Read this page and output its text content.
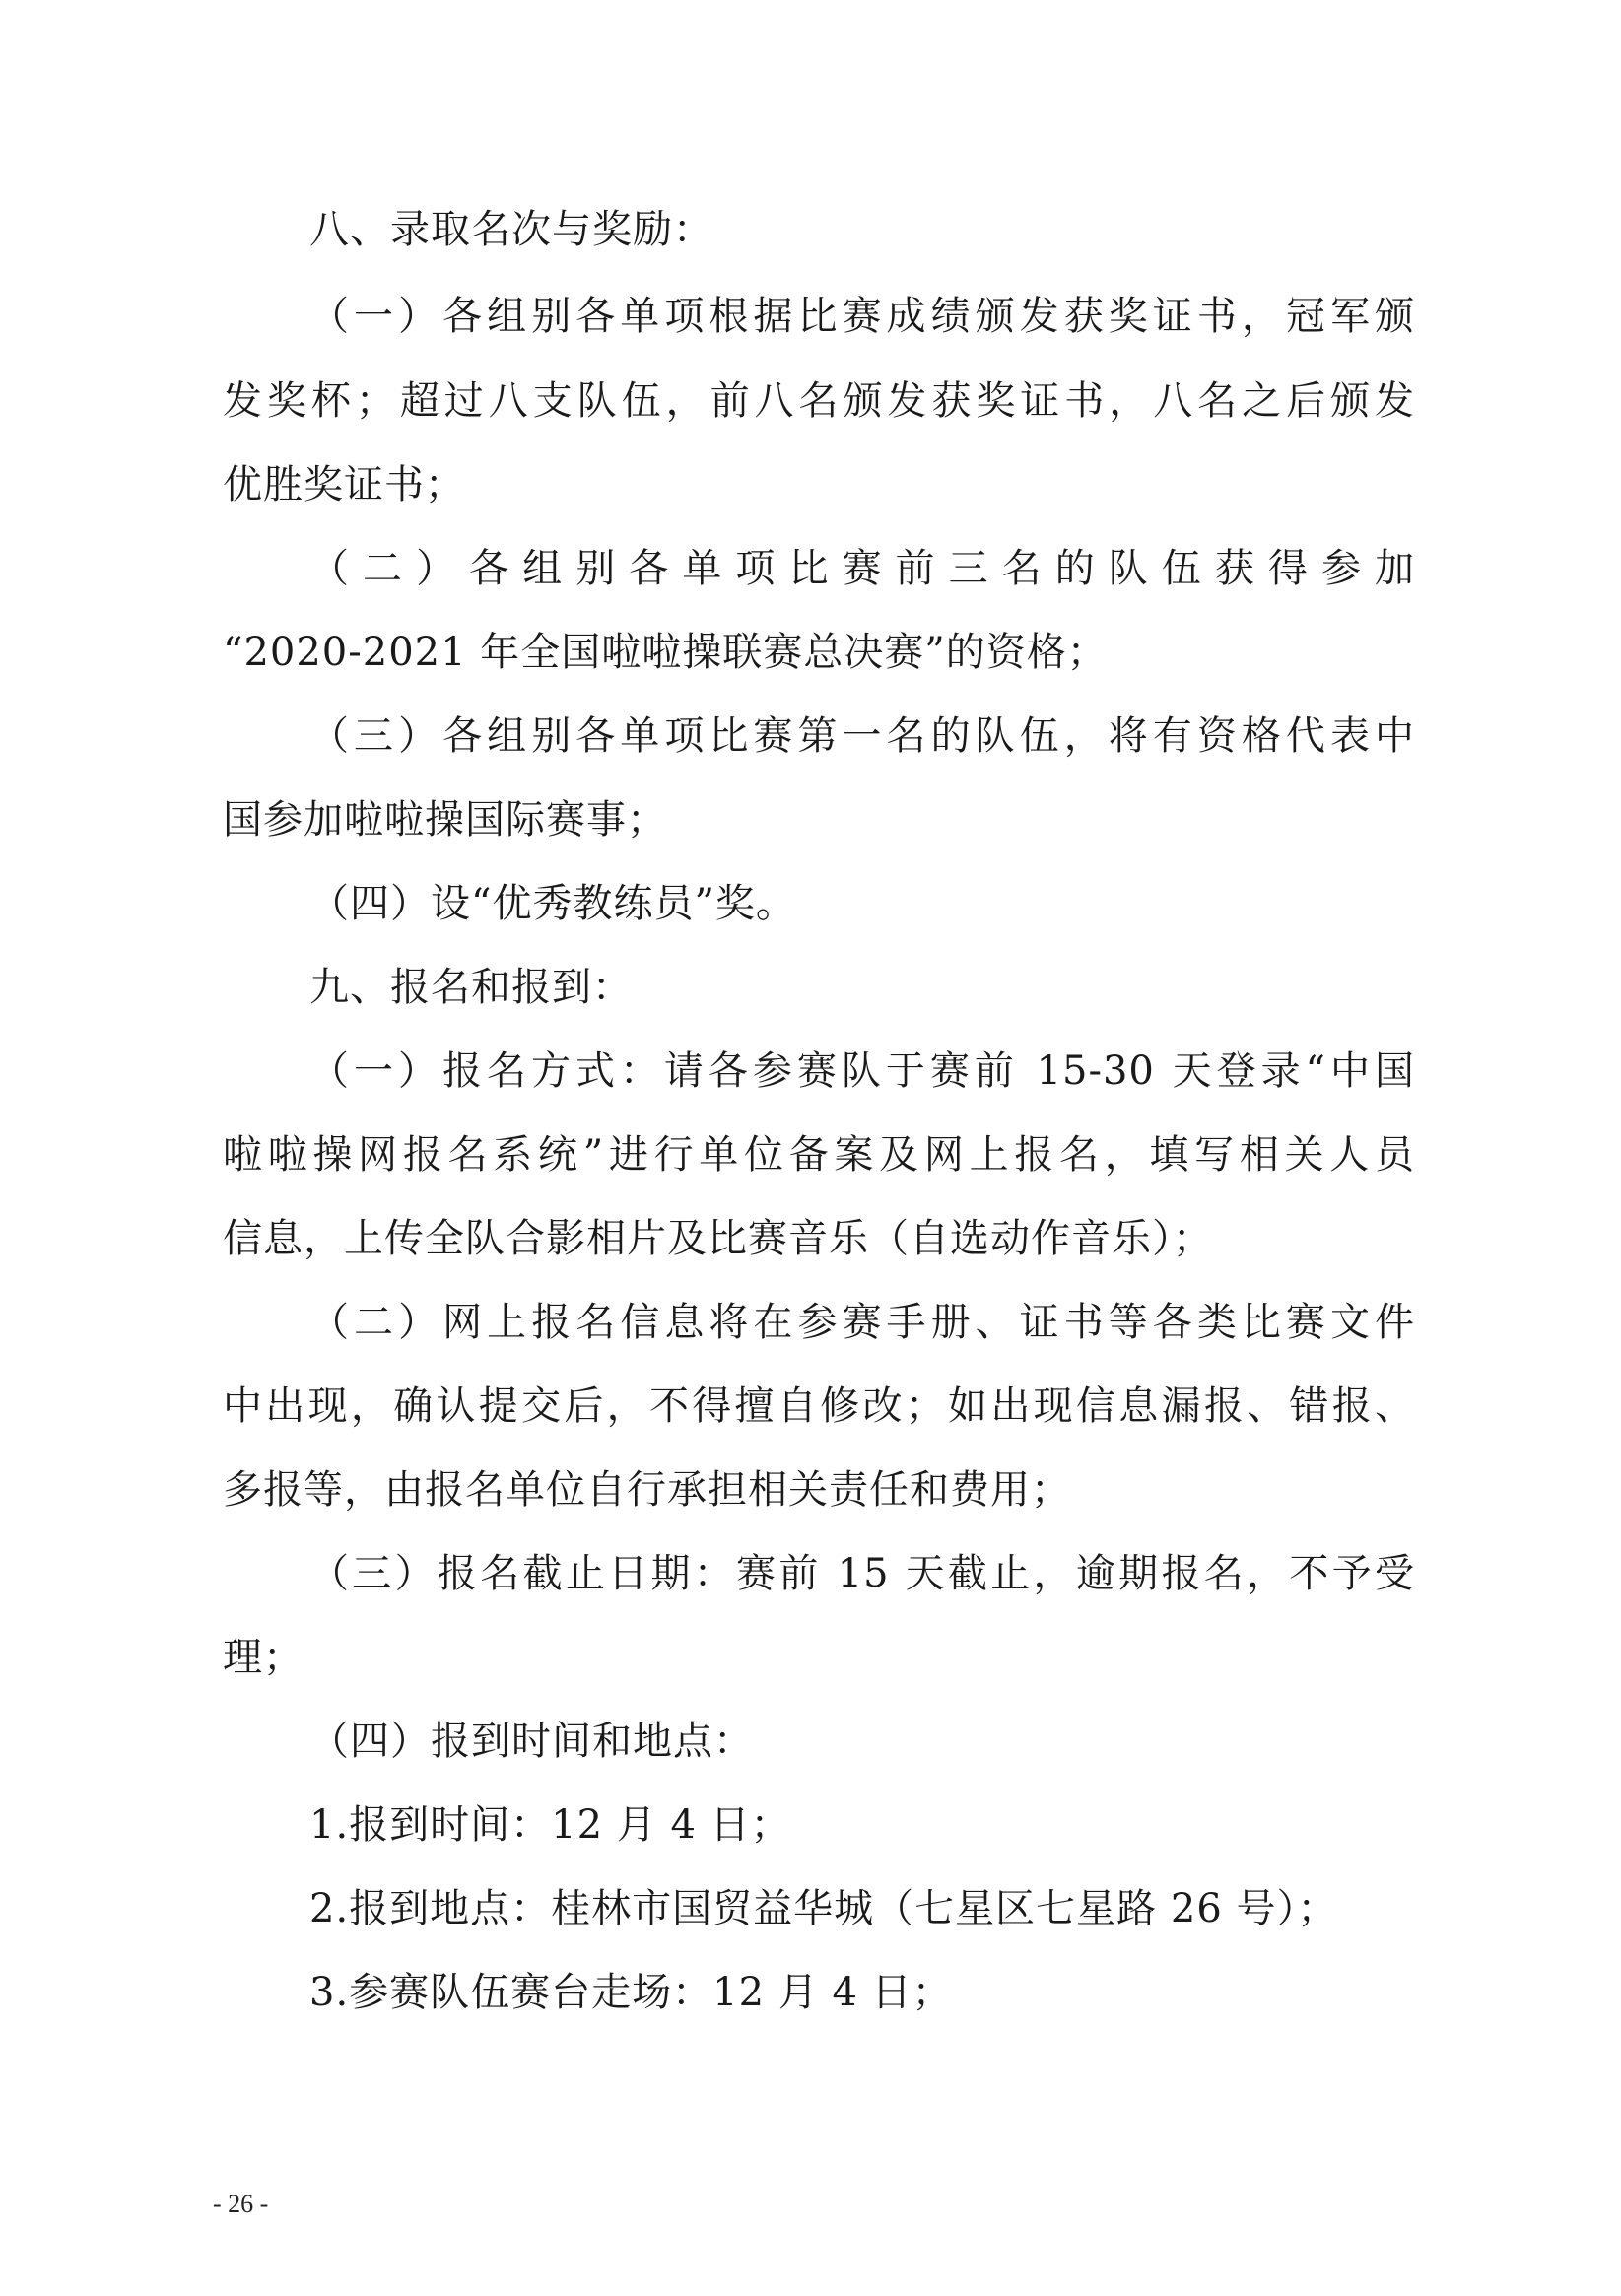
八、录取名次与奖励：
（一）各组别各单项根据比赛成绩颁发获奖证书，冠军颁
发奖杯；超过八支队伍，前八名颁发获奖证书，八名之后颁发
优胜奖证书；
（二）各组别各单项比赛前三名的队伍获得参加
“2020-2021 年全国啦啦操联赛总决赛”的资格；
（三）各组别各单项比赛第一名的队伍，将有资格代表中
国参加啦啦操国际赛事；
（四）设“优秀教练员”奖。
九、报名和报到：
（一）报名方式：请各参赛队于赛前 15-30 天登录“中国
啦啦操网报名系统”进行单位备案及网上报名，填写相关人员
信息，上传全队合影相片及比赛音乐（自选动作音乐）；
（二）网上报名信息将在参赛手册、证书等各类比赛文件
中出现，确认提交后，不得擅自修改；如出现信息漏报、错报、
多报等，由报名单位自行承担相关责任和费用；
（三）报名截止日期：赛前 15 天截止，逾期报名，不予受
理；
（四）报到时间和地点：
1.报到时间：12 月 4 日；
2.报到地点：桂林市国贸益华城（七星区七星路 26 号）；
3.参赛队伍赛台走场：12 月 4 日；
- 26 -
